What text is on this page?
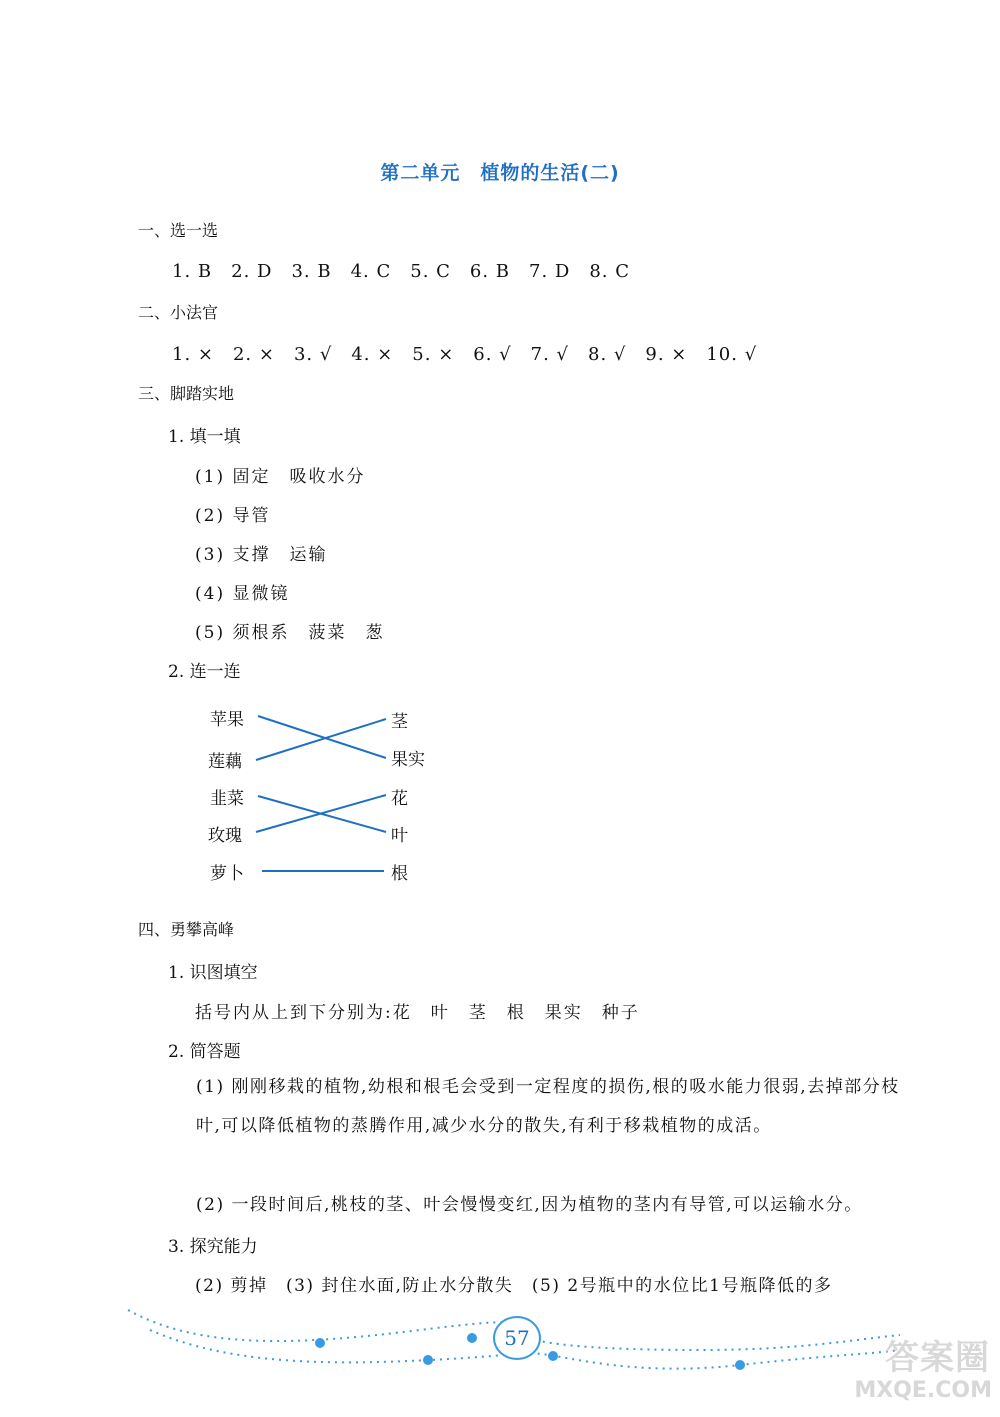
第二单元　植物的生活(二)
一、选一选
1. B　2. D　3. B　4. C　5. C　6. B　7. D　8. C
二、小法官
1. ×　2. ×　3. √　4. ×　5. ×　6. √　7. √　8. √　9. ×　10. √
三、脚踏实地
1. 填一填
(1) 固定　吸收水分
(2) 导管
(3) 支撑　运输
(4) 显微镜
(5) 须根系　菠菜　葱
2. 连一连
苹果
莲藕
韭菜
玫瑰
萝卜
茎
果实
花
叶
根
四、勇攀高峰
1. 识图填空
括号内从上到下分别为:花　叶　茎　根　果实　种子
2. 简答题
(1) 刚刚移栽的植物,幼根和根毛会受到一定程度的损伤,根的吸水能力很弱,去掉部分枝叶,可以降低植物的蒸腾作用,减少水分的散失,有利于移栽植物的成活。
(2) 一段时间后,桃枝的茎、叶会慢慢变红,因为植物的茎内有导管,可以运输水分。
3. 探究能力
(2) 剪掉　(3) 封住水面,防止水分散失　(5) 2号瓶中的水位比1号瓶降低的多
57	答案圈
MXQE.COM
